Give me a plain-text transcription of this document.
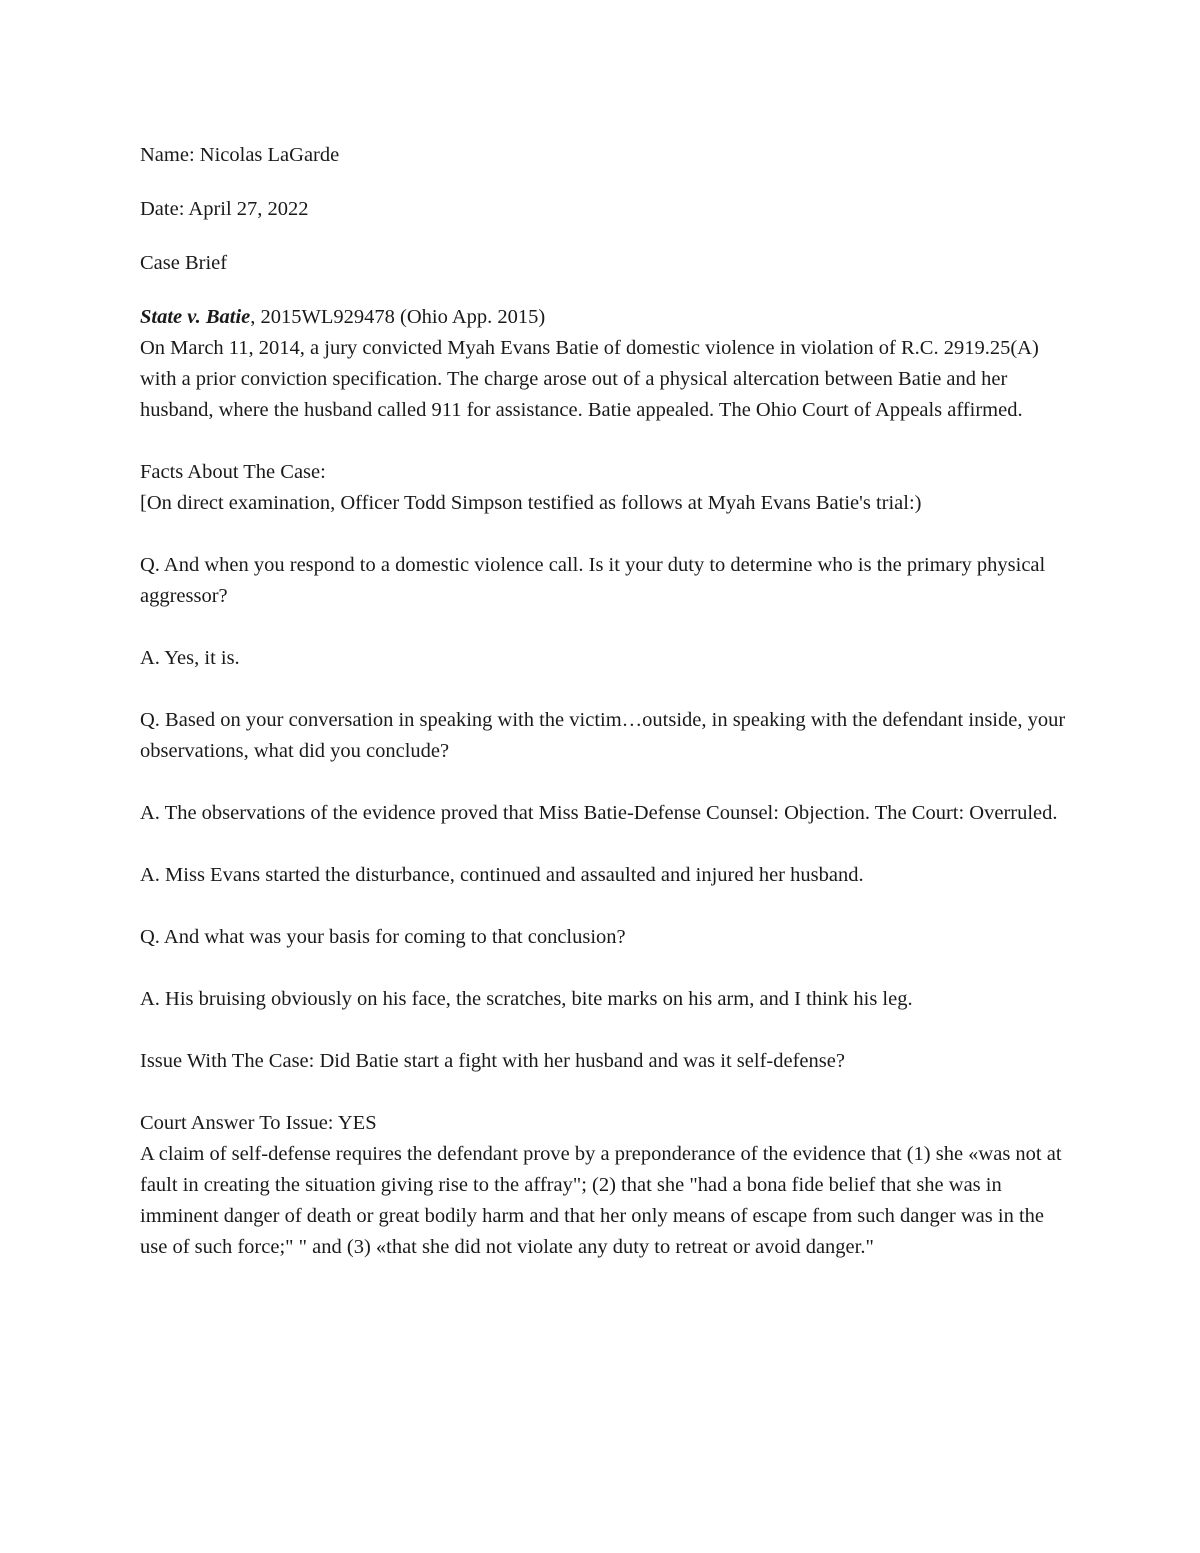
Name: Nicolas LaGarde

Date: April 27, 2022

Case Brief

State v. Batie, 2015WL929478 (Ohio App. 2015)

On March 11, 2014, a jury convicted Myah Evans Batie of domestic violence in violation of R.C. 2919.25(A) with a prior conviction specification. The charge arose out of a physical altercation between Batie and her husband, where the husband called 911 for assistance. Batie appealed. The Ohio Court of Appeals affirmed.

Facts About The Case:

[On direct examination, Officer Todd Simpson testified as follows at Myah Evans Batie's trial:)

Q. And when you respond to a domestic violence call. Is it your duty to determine who is the primary physical aggressor?

A. Yes, it is.

Q. Based on your conversation in speaking with the victim…outside, in speaking with the defendant inside, your observations, what did you conclude?

A. The observations of the evidence proved that Miss Batie-Defense Counsel: Objection. The Court: Overruled.

A. Miss Evans started the disturbance, continued and assaulted and injured her husband.

Q. And what was your basis for coming to that conclusion?

A. His bruising obviously on his face, the scratches, bite marks on his arm, and I think his leg.

Issue With The Case: Did Batie start a fight with her husband and was it self-defense?

Court Answer To Issue: YES

A claim of self-defense requires the defendant prove by a preponderance of the evidence that (1) she «was not at fault in creating the situation giving rise to the affray"; (2) that she "had a bona fide belief that she was in imminent danger of death or great bodily harm and that her only means of escape from such danger was in the use of such force;" " and (3) «that she did not violate any duty to retreat or avoid danger."
